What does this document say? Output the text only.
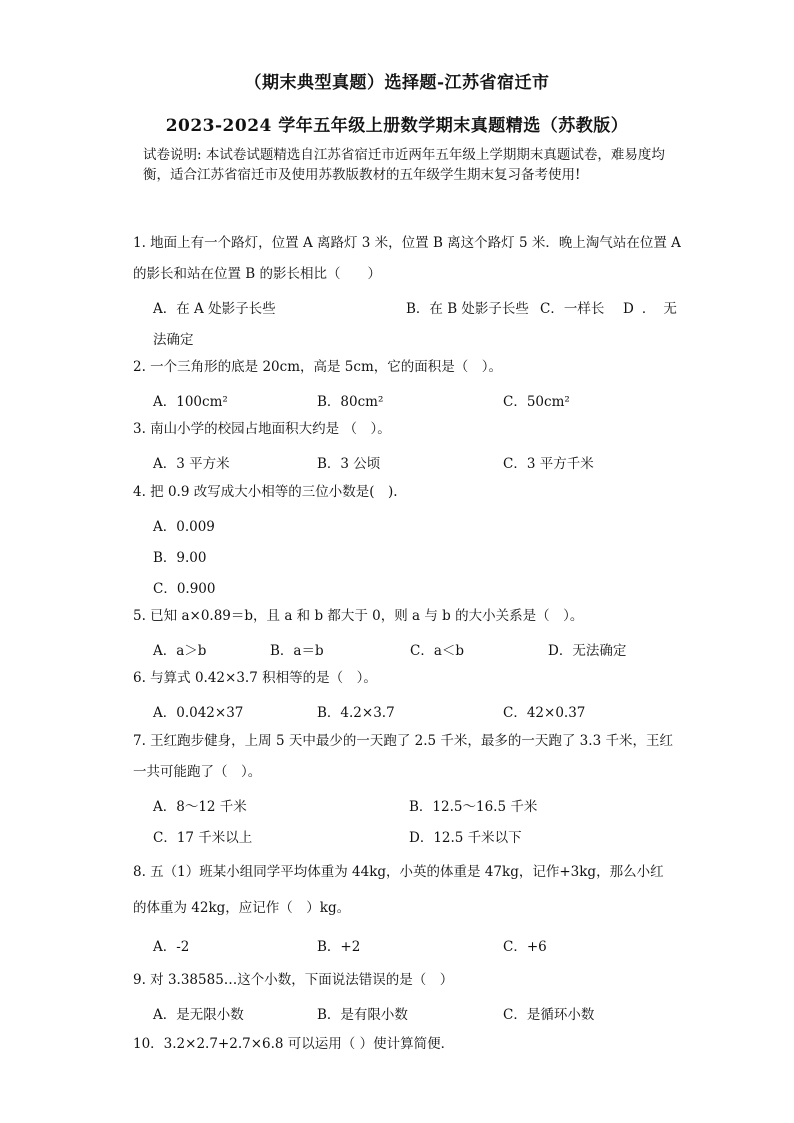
（期末典型真题）选择题-江苏省宿迁市
2023-2024 学年五年级上册数学期末真题精选（苏教版）
试卷说明: 本试卷试题精选自江苏省宿迁市近两年五年级上学期期末真题试卷，难易度均衡，适合江苏省宿迁市及使用苏教版教材的五年级学生期末复习备考使用!
1. 地面上有一个路灯，位置 A 离路灯 3 米，位置 B 离这个路灯 5 米．晚上淘气站在位置 A 的影长和站在位置 B 的影长相比（　　）
A．在 A 处影子长些	B．在 B 处影子长些 C．一样长 D．无
法确定
2. 一个三角形的底是 20cm，高是 5cm，它的面积是（　）。
A．100cm²	B．80cm²	C．50cm²
3. 南山小学的校园占地面积大约是 （　）。
A．3 平方米	B．3 公顷	C．3 平方千米
4. 把 0.9 改写成大小相等的三位小数是(　).
A．0.009
B．9.00
C．0.900
5. 已知 a×0.89＝b，且 a 和 b 都大于 0，则 a 与 b 的大小关系是（　）。
A．a＞b	B．a＝b	C．a＜b	D．无法确定
6. 与算式 0.42×3.7 积相等的是（　）。
A．0.042×37	B．4.2×3.7	C．42×0.37
7. 王红跑步健身，上周 5 天中最少的一天跑了 2.5 千米，最多的一天跑了 3.3 千米，王红一共可能跑了（　）。
A．8～12 千米	B．12.5～16.5 千米
C．17 千米以上	D．12.5 千米以下
8. 五（1）班某小组同学平均体重为 44kg，小英的体重是 47kg，记作+3kg，那么小红
的体重为 42kg，应记作（　）kg。
A．-2	B．+2	C．+6
9. 对 3.38585…这个小数，下面说法错误的是（　）
A．是无限小数	B．是有限小数	C．是循环小数
10．3.2×2.7+2.7×6.8 可以运用（ ）使计算简便．
